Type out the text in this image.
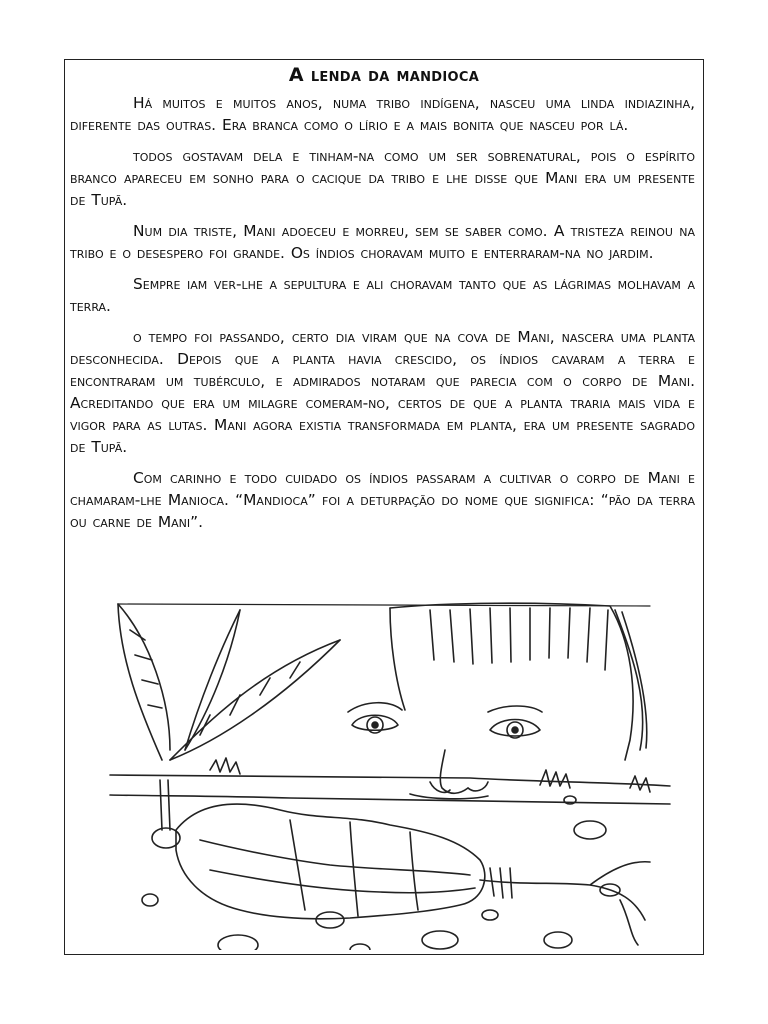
A lenda da mandioca

Há muitos e muitos anos, numa tribo indígena, nasceu uma linda indiazinha, diferente das outras. Era branca como o lírio e a mais bonita que nasceu por lá.

todos gostavam dela e tinham-na como um ser sobrenatural, pois o espírito branco apareceu em sonho para o cacique da tribo e lhe disse que Mani era um presente de Tupã.

Num dia triste, Mani adoeceu e morreu, sem se saber como. A tristeza reinou na tribo e o desespero foi grande. Os índios choravam muito e enterraram-na no jardim.

Sempre iam ver-lhe a sepultura e ali choravam tanto que as lágrimas molhavam a terra.

o tempo foi passando, certo dia viram que na cova de Mani, nascera uma planta desconhecida. Depois que a planta havia crescido, os índios cavaram a terra e encontraram um tubérculo, e admirados notaram que parecia com o corpo de Mani. Acreditando que era um milagre comeram-no, certos de que a planta traria mais vida e vigor para as lutas. Mani agora existia transformada em planta, era um presente sagrado de Tupã.

Com carinho e todo cuidado os índios passaram a cultivar o corpo de Mani e chamaram-lhe Manioca. “Mandioca” foi a deturpação do nome que significa: “pão da terra ou carne de Mani”.
